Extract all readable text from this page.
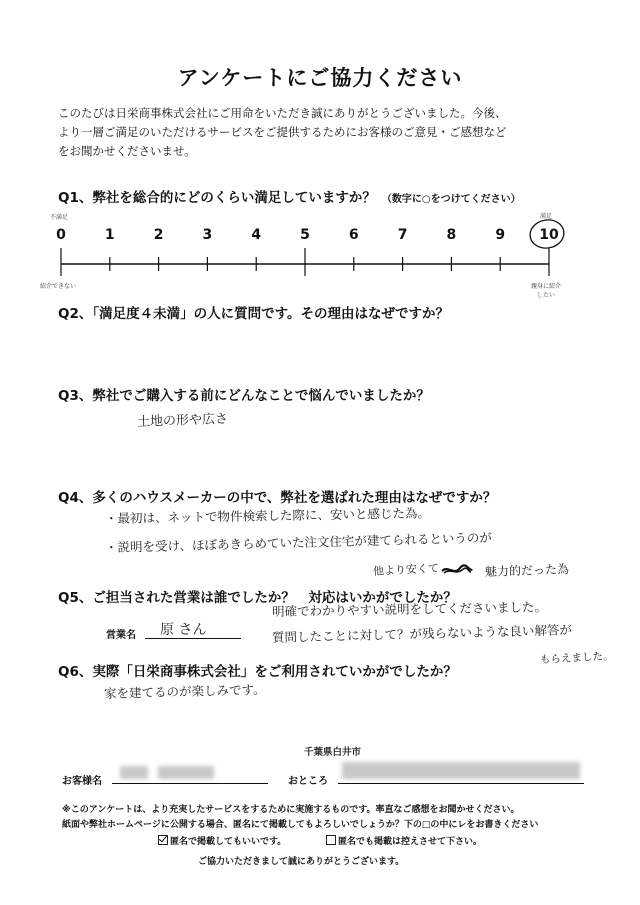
アンケートにご協力ください
このたびは日栄商事株式会社にご用命をいただき誠にありがとうございました。今後、
より一層ご満足のいただけるサービスをご提供するためにお客様のご意見・ご感想など
をお聞かせくださいませ。
Q1、弊社を総合的にどのくらい満足していますか？ （数字に○をつけてください）
不満足	満足
0	1	2	3	4	5	6	7	8	9	10
紹介できない	親身に紹介したい
Q2、「満足度４未満」の人に質問です。その理由はなぜですか？
Q3、弊社でご購入する前にどんなことで悩んでいましたか？
土地の形や広さ
Q4、多くのハウスメーカーの中で、弊社を選ばれた理由はなぜですか？
・最初は、ネットで物件検索した際に、安いと感じた為。
・説明を受け、ほぼあきらめていた注文住宅が建てられるというのが
他より安くて	魅力的だった為
Q5、ご担当された営業は誰でしたか？　対応はいかがでしたか？
営業名 原 さん
明確でわかりやすい説明をしてくださいました。
質問したことに対して？が残らないような良い解答が
もらえました。
Q6、実際「日栄商事株式会社」をご利用されていかがでしたか？
家を建てるのが楽しみです。
千葉県白井市
お客様名	おところ
※このアンケートは、より充実したサービスをするために実施するものです。率直なご感想をお聞かせください。
紙面や弊社ホームページに公開する場合、匿名にて掲載してもよろしいでしょうか？下の□の中にレをお書きください
匿名で掲載してもいいです。	匿名でも掲載は控えさせて下さい。
ご協力いただきまして誠にありがとうございます。
